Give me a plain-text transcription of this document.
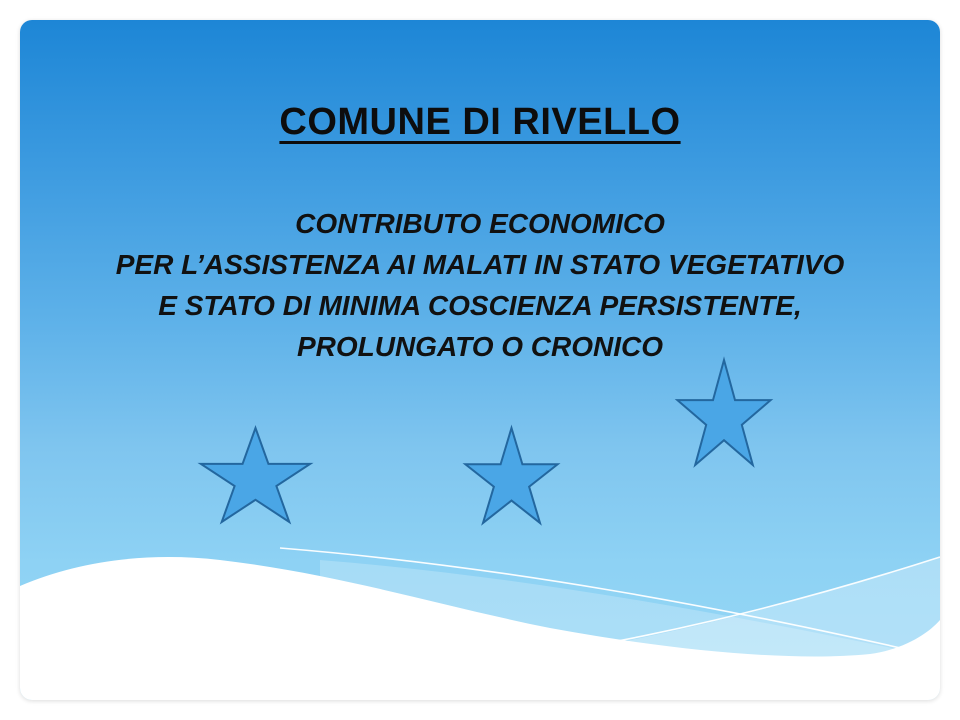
COMUNE DI RIVELLO
CONTRIBUTO ECONOMICO
PER L’ASSISTENZA AI MALATI IN STATO VEGETATIVO
E STATO DI MINIMA COSCIENZA PERSISTENTE,
PROLUNGATO O CRONICO
